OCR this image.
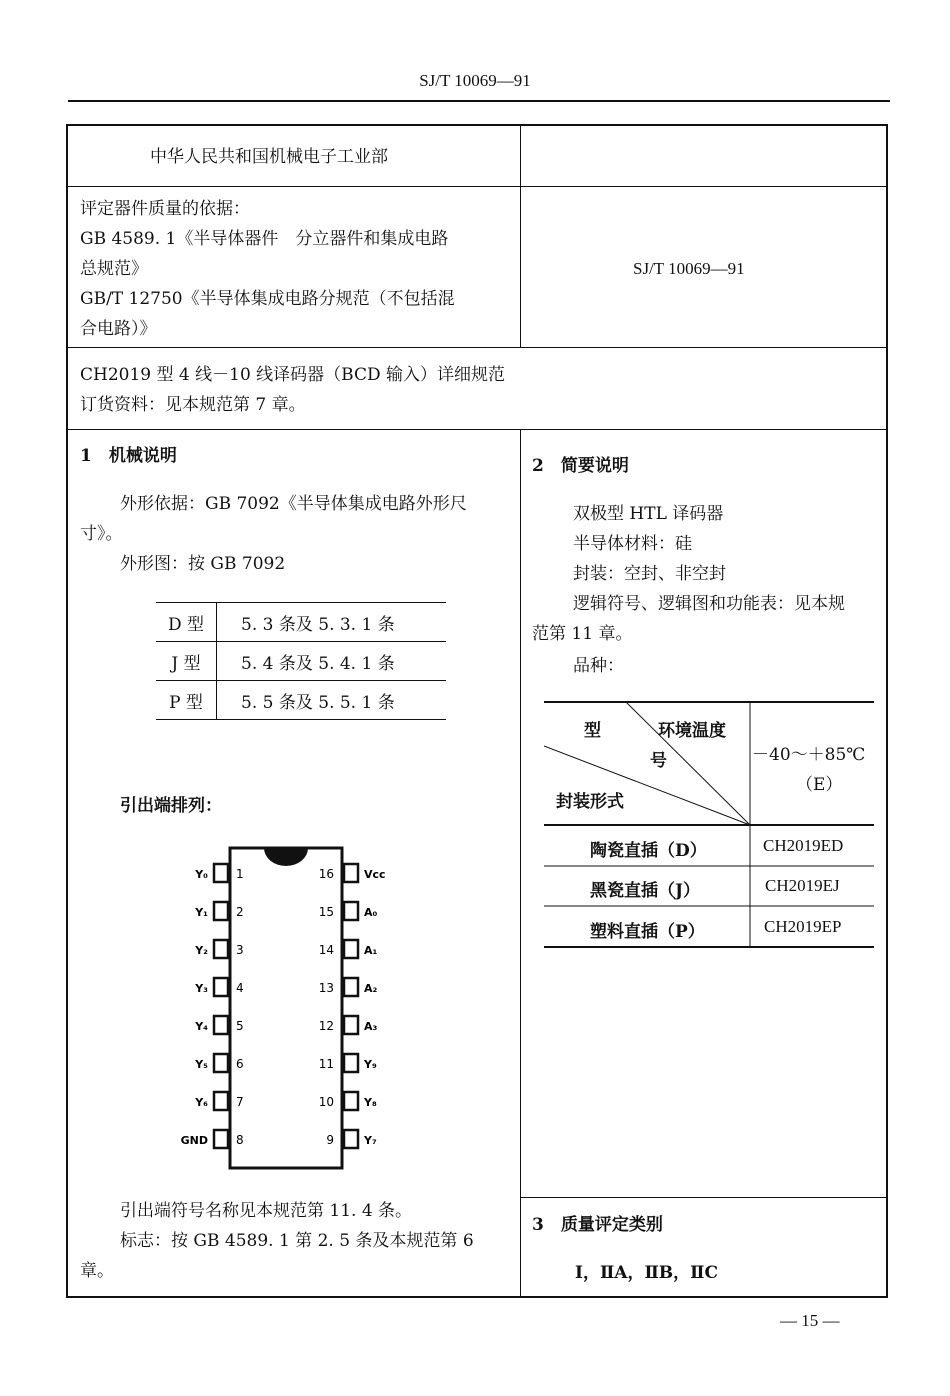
SJ/T 10069—91
中华人民共和国机械电子工业部
评定器件质量的依据：
GB 4589. 1《半导体器件　分立器件和集成电路
总规范》
GB/T 12750《半导体集成电路分规范（不包括混
合电路）》
SJ/T 10069—91
CH2019 型 4 线－10 线译码器（BCD 输入）详细规范
订货资料：见本规范第 7 章。
1　机械说明
外形依据：GB 7092《半导体集成电路外形尺
寸》。
外形图：按 GB 7092
D 型	5. 3 条及 5. 3. 1 条
J 型	5. 4 条及 5. 4. 1 条
P 型	5. 5 条及 5. 5. 1 条
引出端排列：
Y₀ 1
Y₁ 2
Y₂ 3
Y₃ 4
Y₄ 5
Y₅ 6
Y₆ 7
GND 8
16	Vcc
15	A₀
14	A₁
13	A₂
12	A₃
11	Y₉
10	Y₈
9	Y₇
引出端符号名称见本规范第 11. 4 条。
标志：按 GB 4589. 1 第 2. 5 条及本规范第 6
章。
2　简要说明
双极型 HTL 译码器
半导体材料：硅
封装：空封、非空封
逻辑符号、逻辑图和功能表：见本规
范第 11 章。
品种：
型	环境温度
号
封装形式
－40～＋85℃
（E）
陶瓷直插（D）	CH2019ED
黑瓷直插（J）	CH2019EJ
塑料直插（P）	CH2019EP
3　质量评定类别
Ⅰ，ⅡA，ⅡB，ⅡC
— 15 —
